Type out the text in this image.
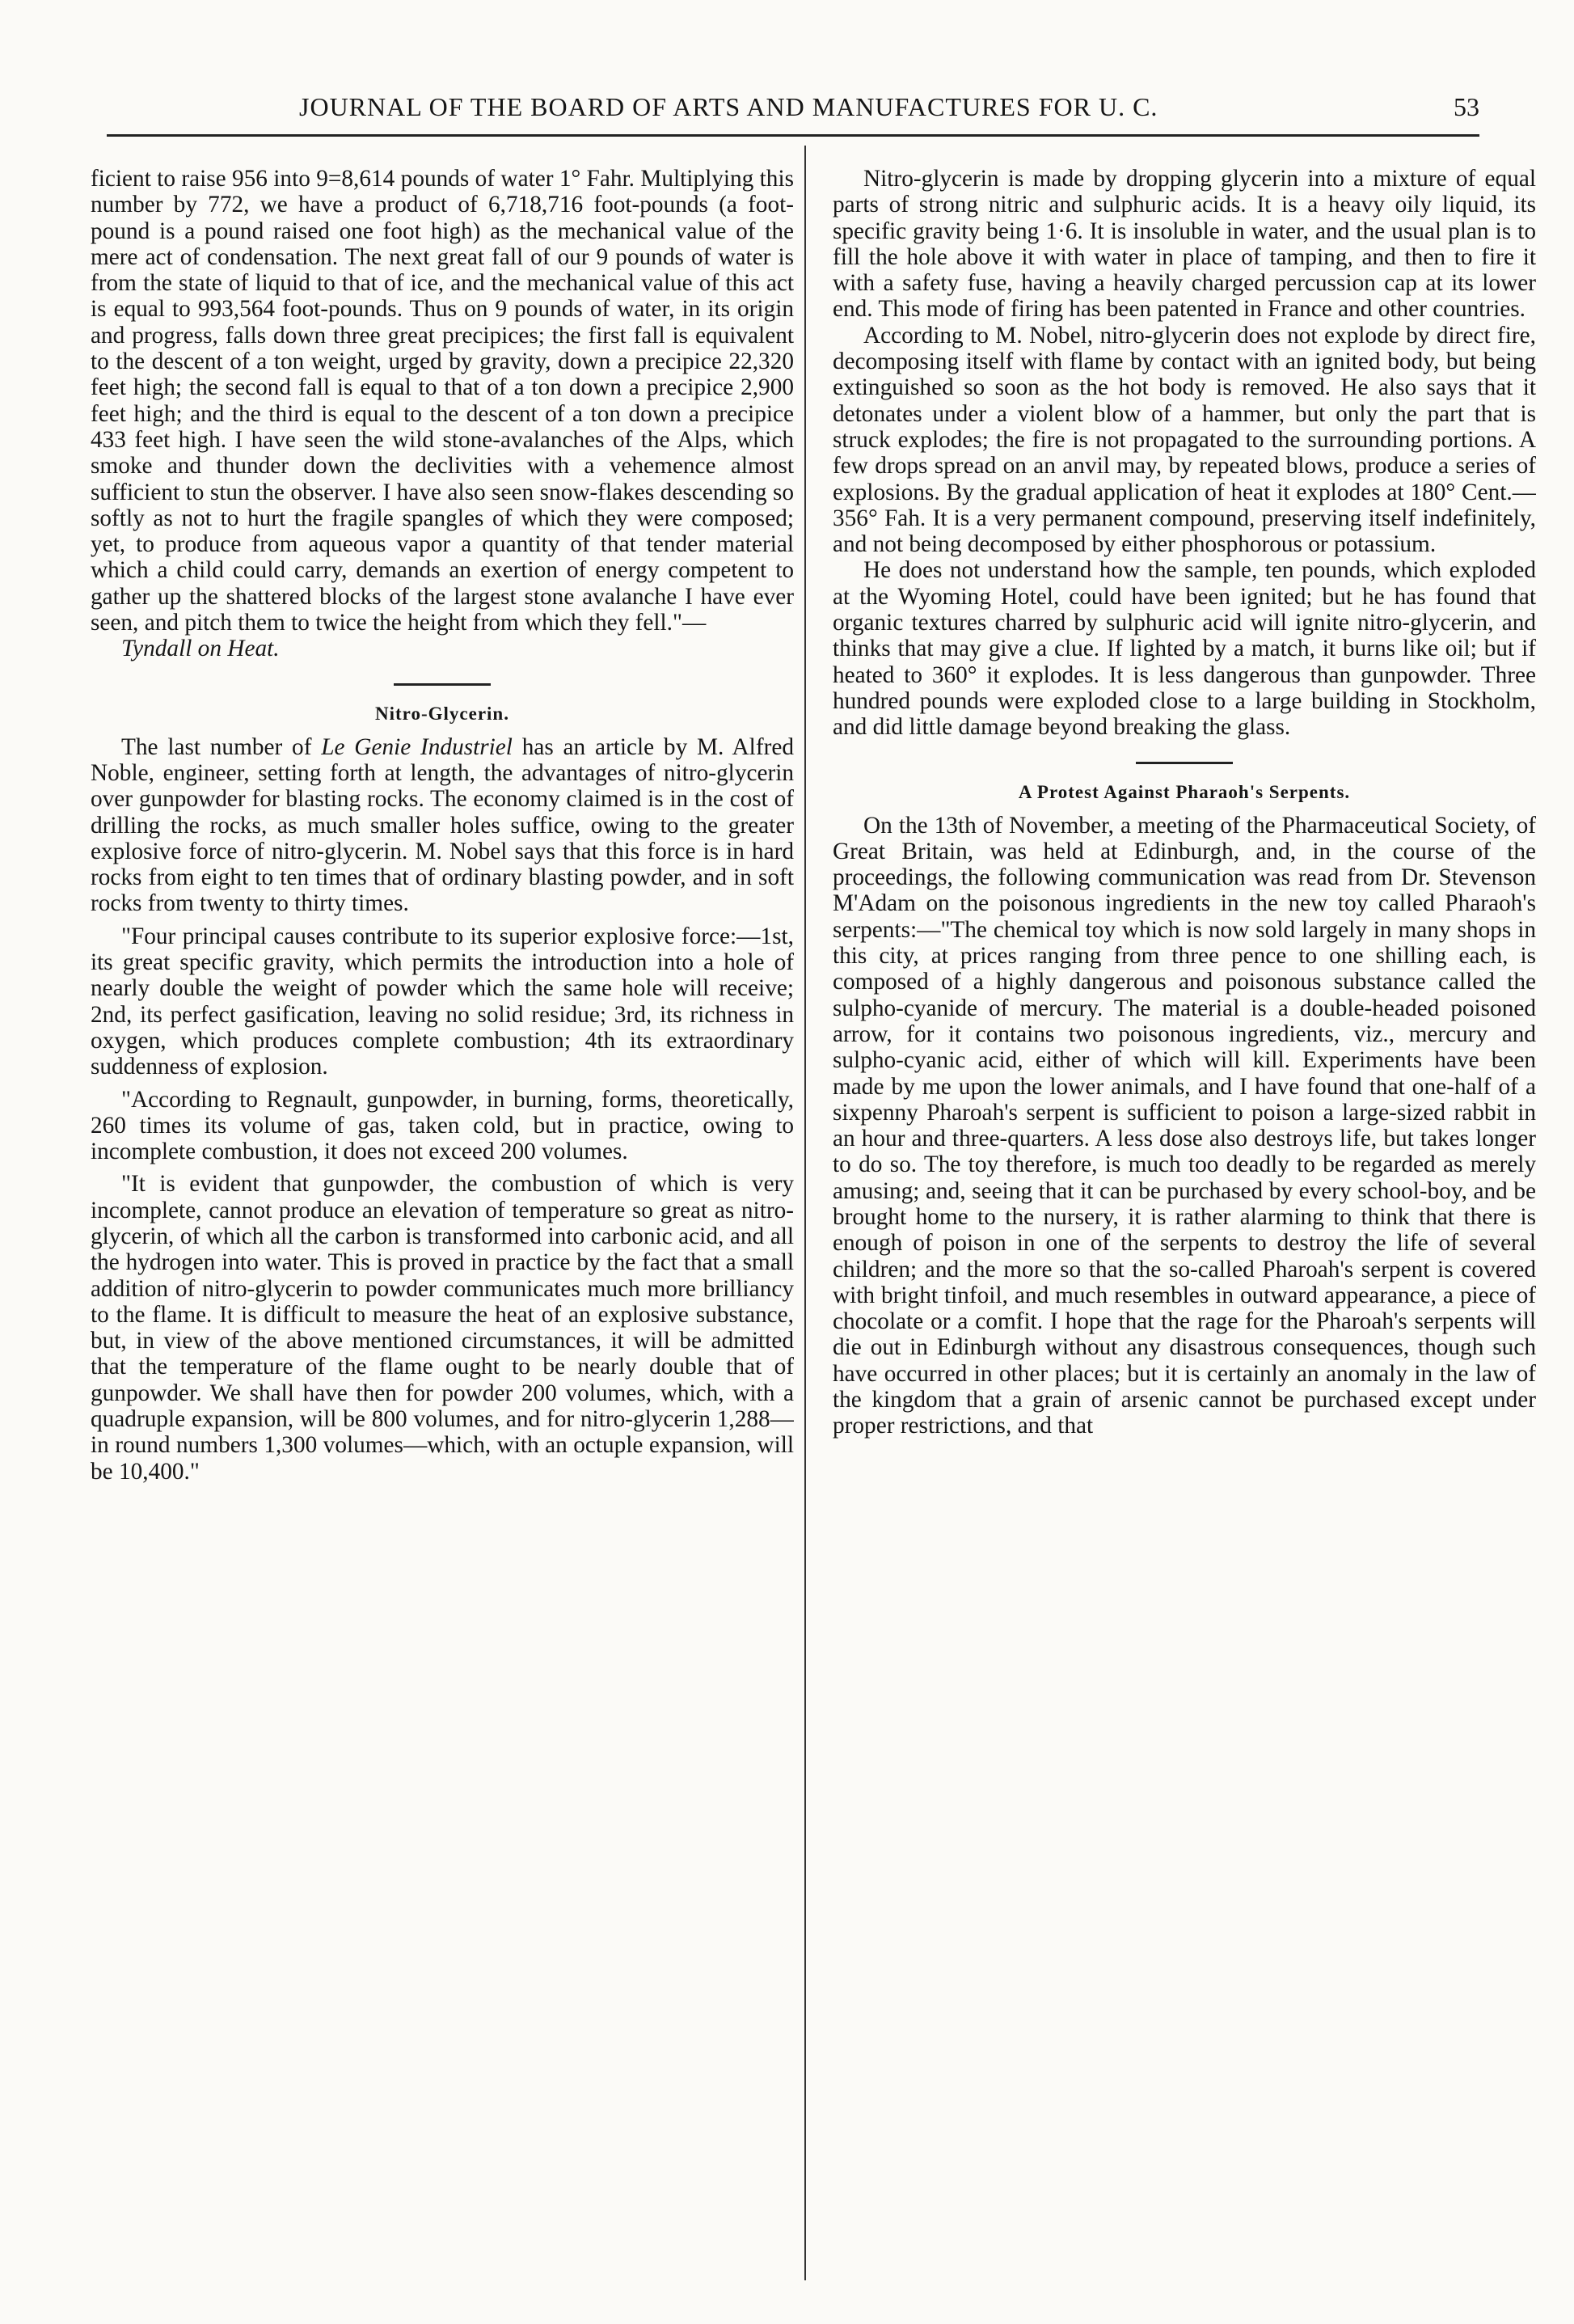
JOURNAL OF THE BOARD OF ARTS AND MANUFACTURES FOR U. C.	53

ficient to raise 956 into 9=8,614 pounds of water 1° Fahr. Multiplying this number by 772, we have a product of 6,718,716 foot-pounds (a foot-pound is a pound raised one foot high) as the mechanical value of the mere act of condensation. The next great fall of our 9 pounds of water is from the state of liquid to that of ice, and the mechanical value of this act is equal to 993,564 foot-pounds. Thus on 9 pounds of water, in its origin and progress, falls down three great precipices; the first fall is equivalent to the descent of a ton weight, urged by gravity, down a precipice 22,320 feet high; the second fall is equal to that of a ton down a precipice 2,900 feet high; and the third is equal to the descent of a ton down a precipice 433 feet high. I have seen the wild stone-avalanches of the Alps, which smoke and thunder down the declivities with a vehemence almost sufficient to stun the observer. I have also seen snow-flakes descending so softly as not to hurt the fragile spangles of which they were composed; yet, to produce from aqueous vapor a quantity of that tender material which a child could carry, demands an exertion of energy competent to gather up the shattered blocks of the largest stone avalanche I have ever seen, and pitch them to twice the height from which they fell."—

Tyndall on Heat.

Nitro-Glycerin.

The last number of Le Genie Industriel has an article by M. Alfred Noble, engineer, setting forth at length, the advantages of nitro-glycerin over gunpowder for blasting rocks. The economy claimed is in the cost of drilling the rocks, as much smaller holes suffice, owing to the greater explosive force of nitro-glycerin. M. Nobel says that this force is in hard rocks from eight to ten times that of ordinary blasting powder, and in soft rocks from twenty to thirty times.

"Four principal causes contribute to its superior explosive force:—1st, its great specific gravity, which permits the introduction into a hole of nearly double the weight of powder which the same hole will receive; 2nd, its perfect gasification, leaving no solid residue; 3rd, its richness in oxygen, which produces complete combustion; 4th its extraordinary suddenness of explosion.

"According to Regnault, gunpowder, in burning, forms, theoretically, 260 times its volume of gas, taken cold, but in practice, owing to incomplete combustion, it does not exceed 200 volumes.

"It is evident that gunpowder, the combustion of which is very incomplete, cannot produce an elevation of temperature so great as nitro-glycerin, of which all the carbon is transformed into carbonic acid, and all the hydrogen into water. This is proved in practice by the fact that a small addition of nitro-glycerin to powder communicates much more brilliancy to the flame. It is difficult to measure the heat of an explosive substance, but, in view of the above mentioned circumstances, it will be admitted that the temperature of the flame ought to be nearly double that of gunpowder. We shall have then for powder 200 volumes, which, with a quadruple expansion, will be 800 volumes, and for nitro-glycerin 1,288—in round numbers 1,300 volumes—which, with an octuple expansion, will be 10,400."

Nitro-glycerin is made by dropping glycerin into a mixture of equal parts of strong nitric and sulphuric acids. It is a heavy oily liquid, its specific gravity being 1·6. It is insoluble in water, and the usual plan is to fill the hole above it with water in place of tamping, and then to fire it with a safety fuse, having a heavily charged percussion cap at its lower end. This mode of firing has been patented in France and other countries.

According to M. Nobel, nitro-glycerin does not explode by direct fire, decomposing itself with flame by contact with an ignited body, but being extinguished so soon as the hot body is removed. He also says that it detonates under a violent blow of a hammer, but only the part that is struck explodes; the fire is not propagated to the surrounding portions. A few drops spread on an anvil may, by repeated blows, produce a series of explosions. By the gradual application of heat it explodes at 180° Cent.—356° Fah. It is a very permanent compound, preserving itself indefinitely, and not being decomposed by either phosphorous or potassium.

He does not understand how the sample, ten pounds, which exploded at the Wyoming Hotel, could have been ignited; but he has found that organic textures charred by sulphuric acid will ignite nitro-glycerin, and thinks that may give a clue. If lighted by a match, it burns like oil; but if heated to 360° it explodes. It is less dangerous than gunpowder. Three hundred pounds were exploded close to a large building in Stockholm, and did little damage beyond breaking the glass.

A Protest Against Pharaoh's Serpents.

On the 13th of November, a meeting of the Pharmaceutical Society, of Great Britain, was held at Edinburgh, and, in the course of the proceedings, the following communication was read from Dr. Stevenson M'Adam on the poisonous ingredients in the new toy called Pharaoh's serpents:—"The chemical toy which is now sold largely in many shops in this city, at prices ranging from three pence to one shilling each, is composed of a highly dangerous and poisonous substance called the sulpho-cyanide of mercury. The material is a double-headed poisoned arrow, for it contains two poisonous ingredients, viz., mercury and sulpho-cyanic acid, either of which will kill. Experiments have been made by me upon the lower animals, and I have found that one-half of a sixpenny Pharoah's serpent is sufficient to poison a large-sized rabbit in an hour and three-quarters. A less dose also destroys life, but takes longer to do so. The toy therefore, is much too deadly to be regarded as merely amusing; and, seeing that it can be purchased by every school-boy, and be brought home to the nursery, it is rather alarming to think that there is enough of poison in one of the serpents to destroy the life of several children; and the more so that the so-called Pharoah's serpent is covered with bright tinfoil, and much resembles in outward appearance, a piece of chocolate or a comfit. I hope that the rage for the Pharoah's serpents will die out in Edinburgh without any disastrous consequences, though such have occurred in other places; but it is certainly an anomaly in the law of the kingdom that a grain of arsenic cannot be purchased except under proper restrictions, and that
